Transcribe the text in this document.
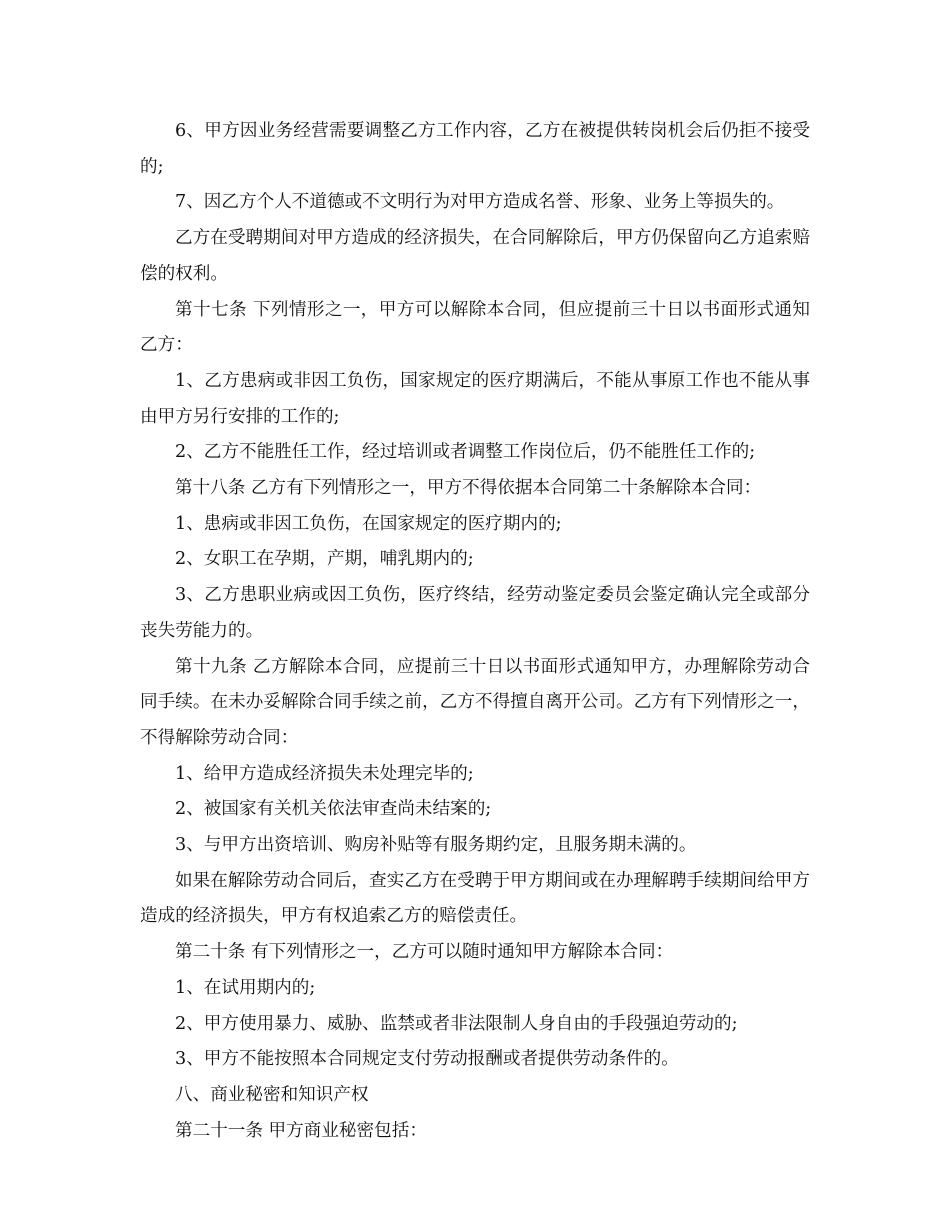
6、甲方因业务经营需要调整乙方工作内容，乙方在被提供转岗机会后仍拒不接受的;

7、因乙方个人不道德或不文明行为对甲方造成名誉、形象、业务上等损失的。

乙方在受聘期间对甲方造成的经济损失，在合同解除后，甲方仍保留向乙方追索赔偿的权利。

第十七条 下列情形之一，甲方可以解除本合同，但应提前三十日以书面形式通知乙方：

1、乙方患病或非因工负伤，国家规定的医疗期满后，不能从事原工作也不能从事由甲方另行安排的工作的;

2、乙方不能胜任工作，经过培训或者调整工作岗位后，仍不能胜任工作的;

第十八条 乙方有下列情形之一，甲方不得依据本合同第二十条解除本合同：

1、患病或非因工负伤，在国家规定的医疗期内的;

2、女职工在孕期，产期，哺乳期内的;

3、乙方患职业病或因工负伤，医疗终结，经劳动鉴定委员会鉴定确认完全或部分丧失劳能力的。

第十九条 乙方解除本合同，应提前三十日以书面形式通知甲方，办理解除劳动合同手续。在未办妥解除合同手续之前，乙方不得擅自离开公司。乙方有下列情形之一，不得解除劳动合同：

1、给甲方造成经济损失未处理完毕的;

2、被国家有关机关依法审查尚未结案的;

3、与甲方出资培训、购房补贴等有服务期约定，且服务期未满的。

如果在解除劳动合同后，查实乙方在受聘于甲方期间或在办理解聘手续期间给甲方造成的经济损失，甲方有权追索乙方的赔偿责任。

第二十条 有下列情形之一，乙方可以随时通知甲方解除本合同：

1、在试用期内的;

2、甲方使用暴力、威胁、监禁或者非法限制人身自由的手段强迫劳动的;

3、甲方不能按照本合同规定支付劳动报酬或者提供劳动条件的。

八、商业秘密和知识产权

第二十一条 甲方商业秘密包括：
